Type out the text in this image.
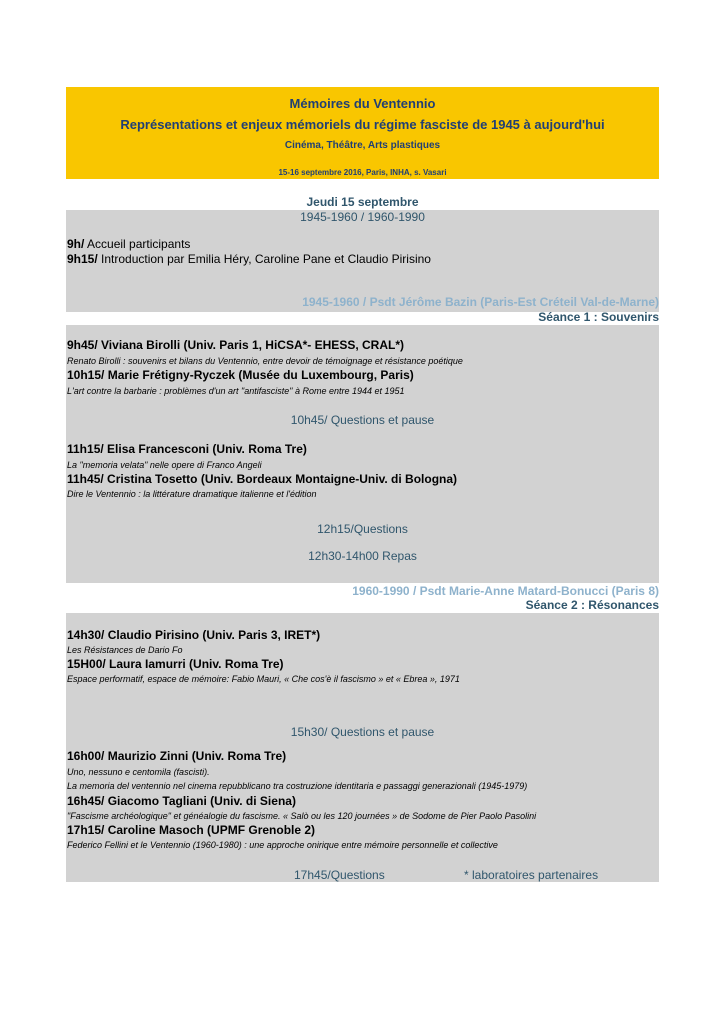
Mémoires du Ventennio
Représentations et enjeux mémoriels du régime fasciste de 1945 à aujourd'hui
Cinéma, Théâtre, Arts plastiques
15-16 septembre 2016, Paris, INHA, s. Vasari
Jeudi 15 septembre
1945-1960 / 1960-1990
9h/ Accueil participants
9h15/ Introduction par Emilia Héry, Caroline Pane et Claudio Pirisino
1945-1960 / Psdt Jérôme Bazin (Paris-Est Créteil Val-de-Marne)
Séance 1 : Souvenirs
9h45/ Viviana Birolli (Univ. Paris 1, HiCSA*- EHESS, CRAL*)
Renato Birolli : souvenirs et bilans du Ventennio, entre devoir de témoignage et résistance poétique
10h15/ Marie Frétigny-Ryczek (Musée du Luxembourg, Paris)
L'art contre la barbarie : problèmes d'un art "antifasciste" à Rome entre 1944 et 1951
10h45/ Questions et pause
11h15/ Elisa Francesconi (Univ. Roma Tre)
La "memoria velata" nelle opere di Franco Angeli
11h45/ Cristina Tosetto (Univ. Bordeaux Montaigne-Univ. di Bologna)
Dire le Ventennio : la littérature dramatique italienne et l'édition
12h15/Questions
12h30-14h00 Repas
1960-1990 / Psdt Marie-Anne Matard-Bonucci (Paris 8)
Séance 2 : Résonances
14h30/ Claudio Pirisino (Univ. Paris 3, IRET*)
Les Résistances de Dario Fo
15H00/ Laura Iamurri (Univ. Roma Tre)
Espace performatif, espace de mémoire: Fabio Mauri, « Che cos'è il fascismo » et « Ebrea », 1971
15h30/ Questions et pause
16h00/ Maurizio Zinni (Univ. Roma Tre)
Uno, nessuno e centomila (fascisti).
La memoria del ventennio nel cinema repubblicano tra costruzione identitaria e passaggi generazionali (1945-1979)
16h45/ Giacomo Tagliani (Univ. di Siena)
"Fascisme archéologique" et généalogie du fascisme. « Salò ou les 120 journées » de Sodome de Pier Paolo Pasolini
17h15/ Caroline Masoch (UPMF Grenoble 2)
Federico Fellini et le Ventennio (1960-1980) : une approche onirique entre mémoire personnelle et collective
17h45/Questions	* laboratoires partenaires
